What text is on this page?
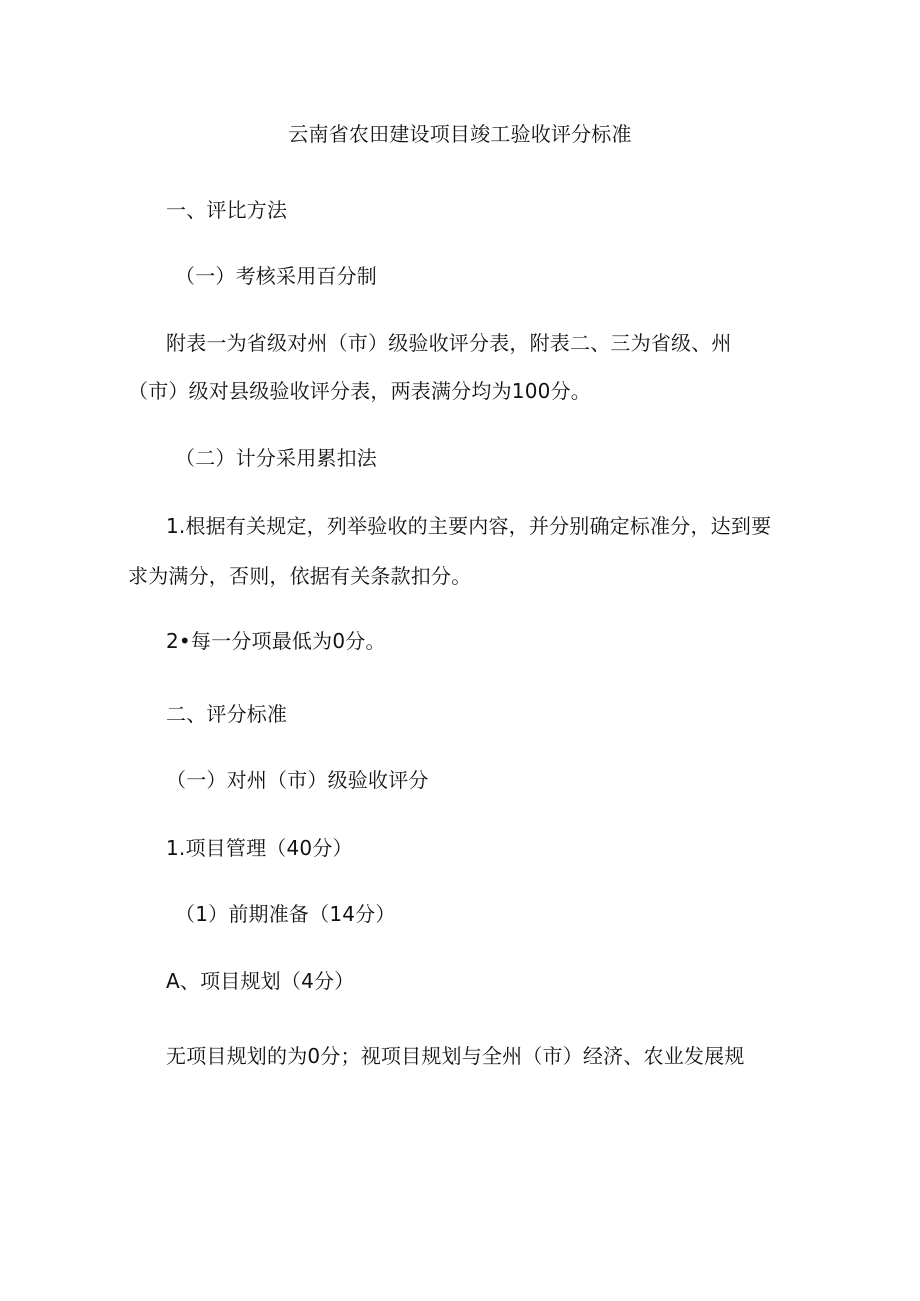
云南省农田建设项目竣工验收评分标准
一、评比方法
（一）考核采用百分制
附表一为省级对州（市）级验收评分表，附表二、三为省级、州
（市）级对县级验收评分表，两表满分均为100分。
（二）计分采用累扣法
1.根据有关规定，列举验收的主要内容，并分别确定标准分，达到要
求为满分，否则，依据有关条款扣分。
2•每一分项最低为0分。
二、评分标准
（一）对州（市）级验收评分
1.项目管理（40分）
（1）前期准备（14分）
A、项目规划（4分）
无项目规划的为0分；视项目规划与全州（市）经济、农业发展规
